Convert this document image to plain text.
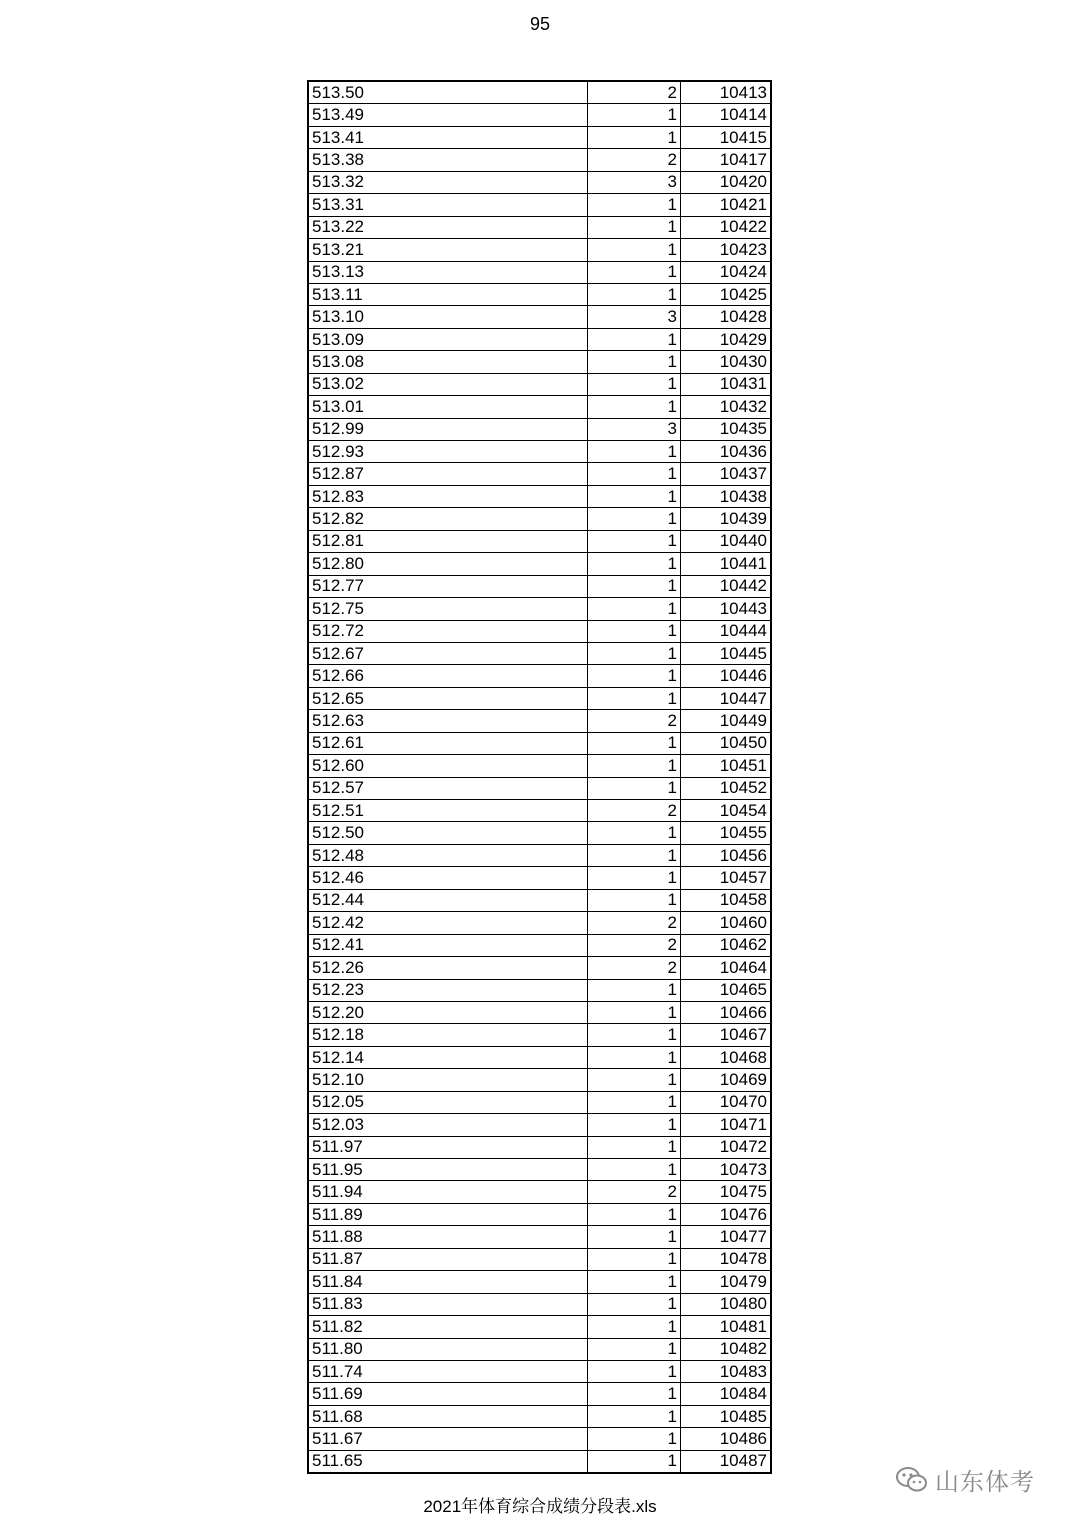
95
513.50	2	10413
513.49	1	10414
513.41	1	10415
513.38	2	10417
513.32	3	10420
513.31	1	10421
513.22	1	10422
513.21	1	10423
513.13	1	10424
513.11	1	10425
513.10	3	10428
513.09	1	10429
513.08	1	10430
513.02	1	10431
513.01	1	10432
512.99	3	10435
512.93	1	10436
512.87	1	10437
512.83	1	10438
512.82	1	10439
512.81	1	10440
512.80	1	10441
512.77	1	10442
512.75	1	10443
512.72	1	10444
512.67	1	10445
512.66	1	10446
512.65	1	10447
512.63	2	10449
512.61	1	10450
512.60	1	10451
512.57	1	10452
512.51	2	10454
512.50	1	10455
512.48	1	10456
512.46	1	10457
512.44	1	10458
512.42	2	10460
512.41	2	10462
512.26	2	10464
512.23	1	10465
512.20	1	10466
512.18	1	10467
512.14	1	10468
512.10	1	10469
512.05	1	10470
512.03	1	10471
511.97	1	10472
511.95	1	10473
511.94	2	10475
511.89	1	10476
511.88	1	10477
511.87	1	10478
511.84	1	10479
511.83	1	10480
511.82	1	10481
511.80	1	10482
511.74	1	10483
511.69	1	10484
511.68	1	10485
511.67	1	10486
511.65	1	10487
2021年体育综合成绩分段表.xls
山东体考
